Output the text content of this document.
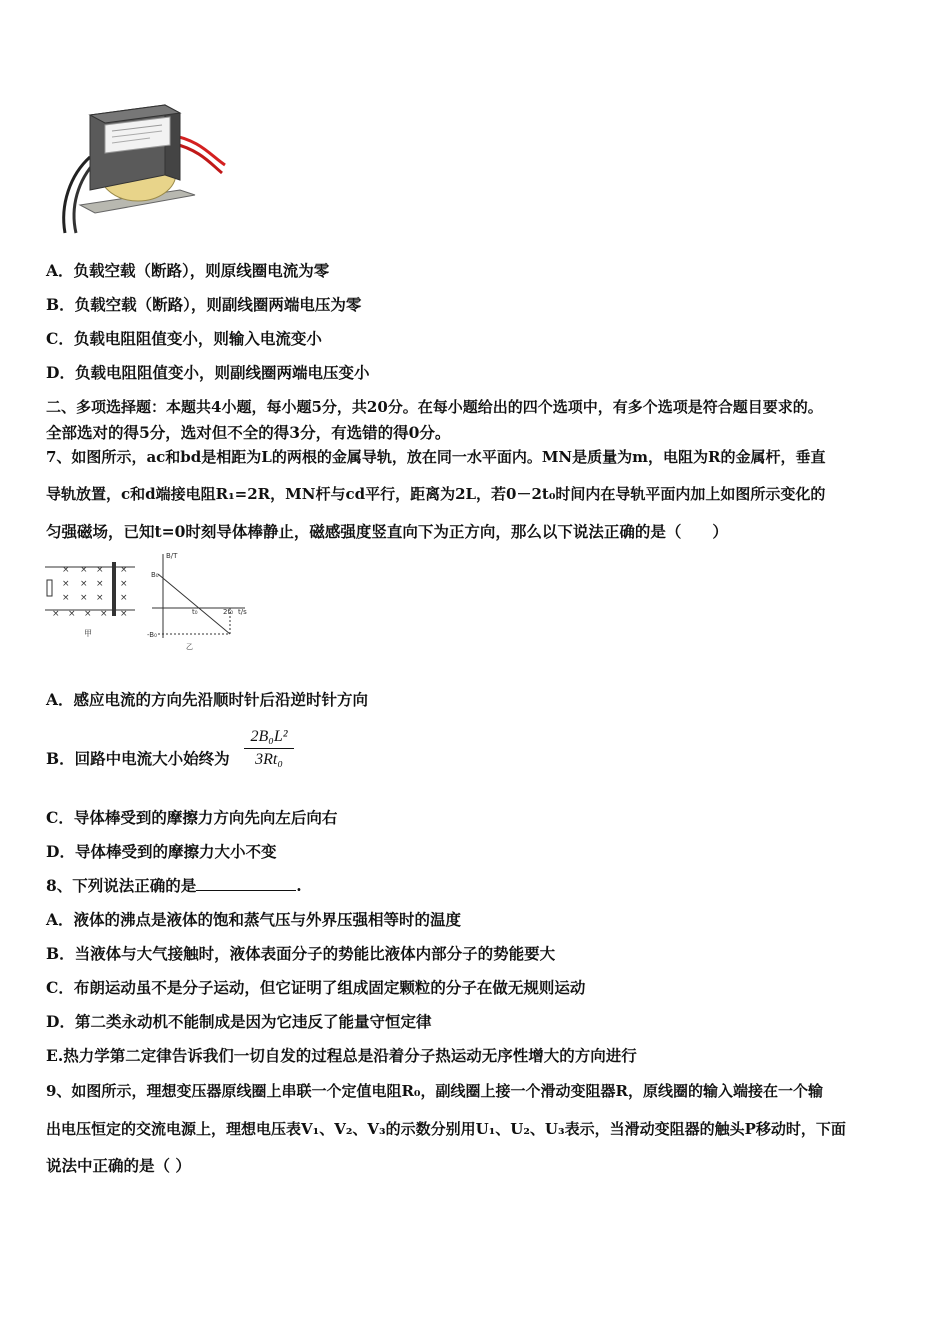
A．负载空载（断路），则原线圈电流为零
B．负载空载（断路），则副线圈两端电压为零
C．负载电阻阻值变小，则输入电流变小
D．负载电阻阻值变小，则副线圈两端电压变小
二、多项选择题：本题共4小题，每小题5分，共20分。在每小题给出的四个选项中，有多个选项是符合题目要求的。
全部选对的得5分，选对但不全的得3分，有选错的得0分。
7、如图所示，ac和bd是相距为L的两根的金属导轨，放在同一水平面内。MN是质量为m，电阻为R的金属杆，垂直
导轨放置，c和d端接电阻R₁=2R，MN杆与cd平行，距离为2L，若0－2t₀时间内在导轨平面内加上如图所示变化的
匀强磁场，已知t=0时刻导体棒静止，磁感强度竖直向下为正方向，那么以下说法正确的是（　　）
× × × ×
× × × ×
× × × ×
× × × × ×
甲
B/T
B₀
-B₀
t₀	2t₀ t/s
乙
A．感应电流的方向先沿顺时针后沿逆时针方向
B．回路中电流大小始终为
2B₀L²
3Rt₀
C．导体棒受到的摩擦力方向先向左后向右
D．导体棒受到的摩擦力大小不变
8、下列说法正确的是	.
A．液体的沸点是液体的饱和蒸气压与外界压强相等时的温度
B．当液体与大气接触时，液体表面分子的势能比液体内部分子的势能要大
C．布朗运动虽不是分子运动，但它证明了组成固定颗粒的分子在做无规则运动
D．第二类永动机不能制成是因为它违反了能量守恒定律
E.热力学第二定律告诉我们一切自发的过程总是沿着分子热运动无序性增大的方向进行
9、如图所示，理想变压器原线圈上串联一个定值电阻R₀，副线圈上接一个滑动变阻器R，原线圈的输入端接在一个输
出电压恒定的交流电源上，理想电压表V₁、V₂、V₃的示数分别用U₁、U₂、U₃表示，当滑动变阻器的触头P移动时，下面
说法中正确的是（ ）
